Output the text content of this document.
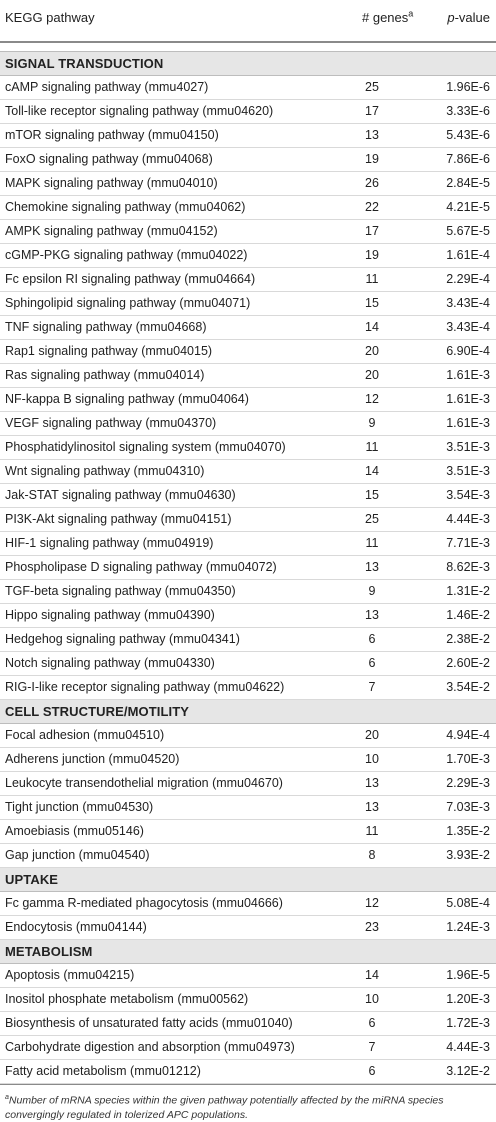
KEGG pathway	# genes$^a$	p-value
SIGNAL TRANSDUCTION
cAMP signaling pathway (mmu4027)	25	1.96E-6
Toll-like receptor signaling pathway (mmu04620)	17	3.33E-6
mTOR signaling pathway (mmu04150)	13	5.43E-6
FoxO signaling pathway (mmu04068)	19	7.86E-6
MAPK signaling pathway (mmu04010)	26	2.84E-5
Chemokine signaling pathway (mmu04062)	22	4.21E-5
AMPK signaling pathway (mmu04152)	17	5.67E-5
cGMP-PKG signaling pathway (mmu04022)	19	1.61E-4
Fc epsilon RI signaling pathway (mmu04664)	11	2.29E-4
Sphingolipid signaling pathway (mmu04071)	15	3.43E-4
TNF signaling pathway (mmu04668)	14	3.43E-4
Rap1 signaling pathway (mmu04015)	20	6.90E-4
Ras signaling pathway (mmu04014)	20	1.61E-3
NF-kappa B signaling pathway (mmu04064)	12	1.61E-3
VEGF signaling pathway (mmu04370)	9	1.61E-3
Phosphatidylinositol signaling system (mmu04070)	11	3.51E-3
Wnt signaling pathway (mmu04310)	14	3.51E-3
Jak-STAT signaling pathway (mmu04630)	15	3.54E-3
PI3K-Akt signaling pathway (mmu04151)	25	4.44E-3
HIF-1 signaling pathway (mmu04919)	11	7.71E-3
Phospholipase D signaling pathway (mmu04072)	13	8.62E-3
TGF-beta signaling pathway (mmu04350)	9	1.31E-2
Hippo signaling pathway (mmu04390)	13	1.46E-2
Hedgehog signaling pathway (mmu04341)	6	2.38E-2
Notch signaling pathway (mmu04330)	6	2.60E-2
RIG-I-like receptor signaling pathway (mmu04622)	7	3.54E-2
CELL STRUCTURE/MOTILITY
Focal adhesion (mmu04510)	20	4.94E-4
Adherens junction (mmu04520)	10	1.70E-3
Leukocyte transendothelial migration (mmu04670)	13	2.29E-3
Tight junction (mmu04530)	13	7.03E-3
Amoebiasis (mmu05146)	11	1.35E-2
Gap junction (mmu04540)	8	3.93E-2
UPTAKE
Fc gamma R-mediated phagocytosis (mmu04666)	12	5.08E-4
Endocytosis (mmu04144)	23	1.24E-3
METABOLISM
Apoptosis (mmu04215)	14	1.96E-5
Inositol phosphate metabolism (mmu00562)	10	1.20E-3
Biosynthesis of unsaturated fatty acids (mmu01040)	6	1.72E-3
Carbohydrate digestion and absorption (mmu04973)	7	4.44E-3
Fatty acid metabolism (mmu01212)	6	3.12E-2
$^a$Number of mRNA species within the given pathway potentially affected by the miRNA species convergingly regulated in tolerized APC populations.
